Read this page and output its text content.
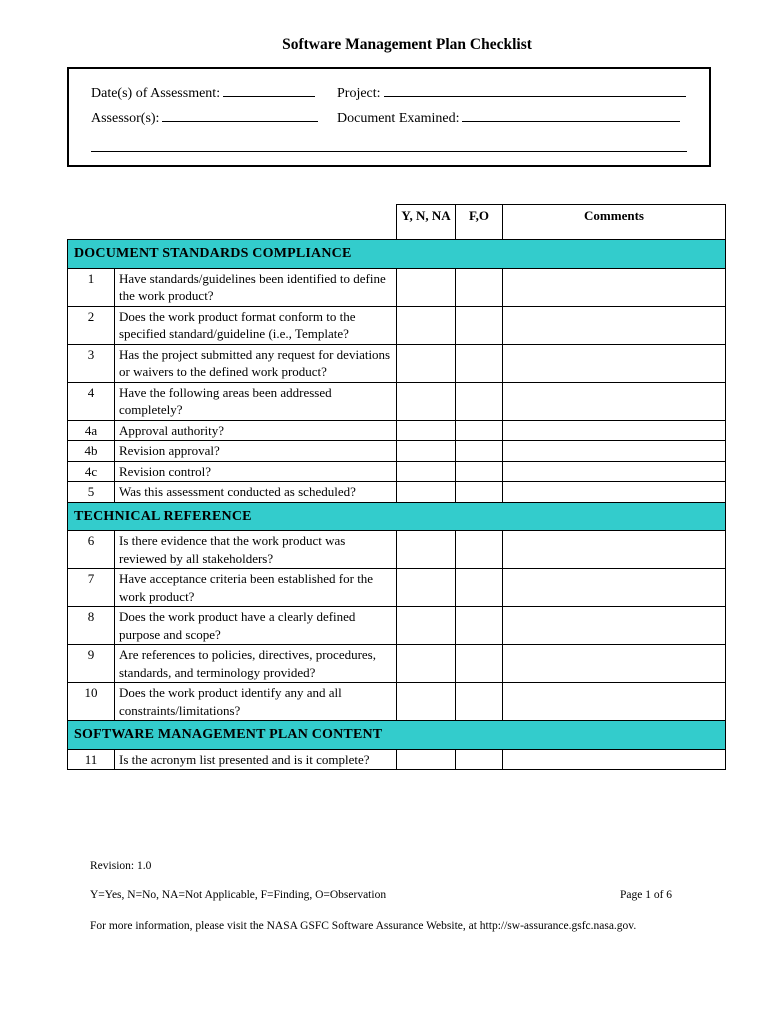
Software Management Plan Checklist
Date(s) of Assessment:	Project:
Assessor(s):	Document Examined:
		Y, N, NA	F,O	Comments
DOCUMENT STANDARDS COMPLIANCE				
1	Have standards/guidelines been identified to define the work product?			
2	Does the work product format conform to the specified standard/guideline (i.e., Template?			
3	Has the project submitted any request for deviations or waivers to the defined work product?			
4	Have the following areas been addressed completely?			
4a	Approval authority?			
4b	Revision approval?			
4c	Revision control?			
5	Was this assessment conducted as scheduled?			
TECHNICAL REFERENCE				
6	Is there evidence that the work product was reviewed by all stakeholders?			
7	Have acceptance criteria been established for the work product?			
8	Does the work product have a clearly defined purpose and scope?			
9	Are references to policies, directives, procedures, standards, and terminology provided?			
10	Does the work product identify any and all constraints/limitations?			
SOFTWARE MANAGEMENT PLAN CONTENT				
11	Is the acronym list presented and is it complete?			
Revision: 1.0
Y=Yes, N=No, NA=Not Applicable, F=Finding, O=Observation	Page 1 of 6
For more information, please visit the NASA GSFC Software Assurance Website, at http://sw-assurance.gsfc.nasa.gov.
